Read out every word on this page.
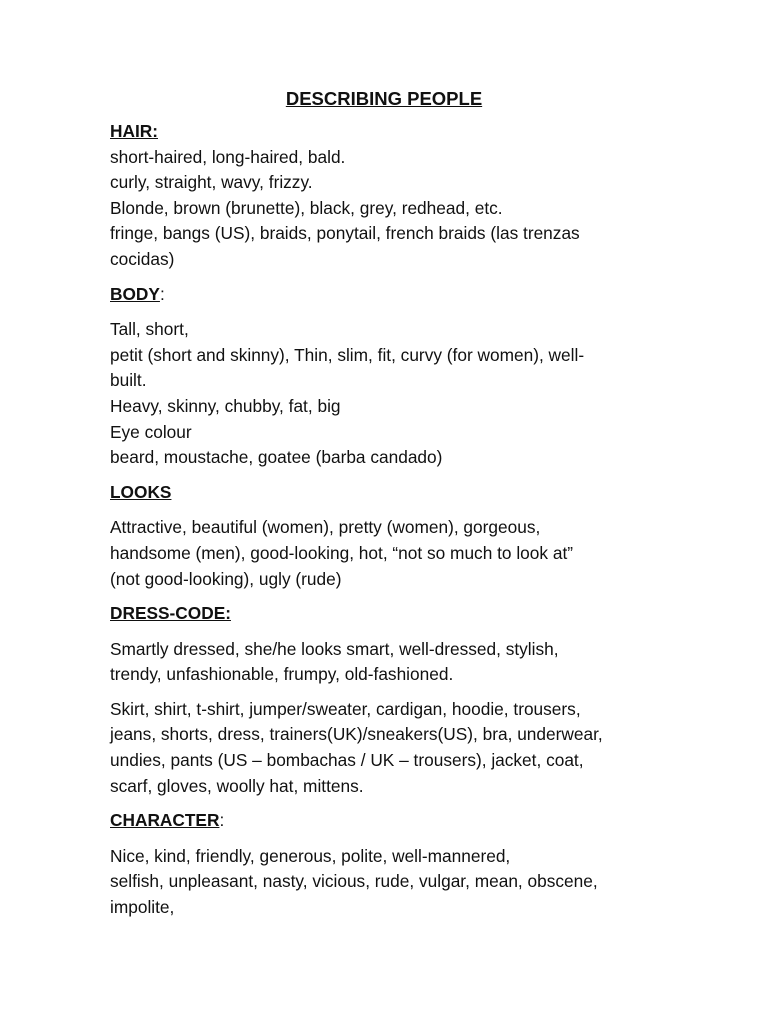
DESCRIBING PEOPLE
HAIR:
short-haired, long-haired, bald.
curly, straight, wavy, frizzy.
Blonde, brown (brunette), black, grey, redhead, etc.
fringe, bangs (US), braids, ponytail, french braids (las trenzas
cocidas)
BODY:
Tall, short,
petit (short and skinny), Thin, slim, fit, curvy (for women), well-
built.
Heavy, skinny, chubby, fat, big
Eye colour
beard, moustache, goatee (barba candado)
LOOKS
Attractive, beautiful (women), pretty (women), gorgeous,
handsome (men), good-looking, hot, “not so much to look at”
(not good-looking), ugly (rude)
DRESS-CODE:
Smartly dressed, she/he looks smart, well-dressed, stylish,
trendy, unfashionable, frumpy, old-fashioned.
Skirt, shirt, t-shirt, jumper/sweater, cardigan, hoodie, trousers,
jeans, shorts, dress, trainers(UK)/sneakers(US), bra, underwear,
undies, pants (US – bombachas / UK – trousers), jacket, coat,
scarf, gloves, woolly hat, mittens.
CHARACTER:
Nice, kind, friendly, generous, polite, well-mannered,
selfish, unpleasant, nasty, vicious, rude, vulgar, mean, obscene,
impolite,
